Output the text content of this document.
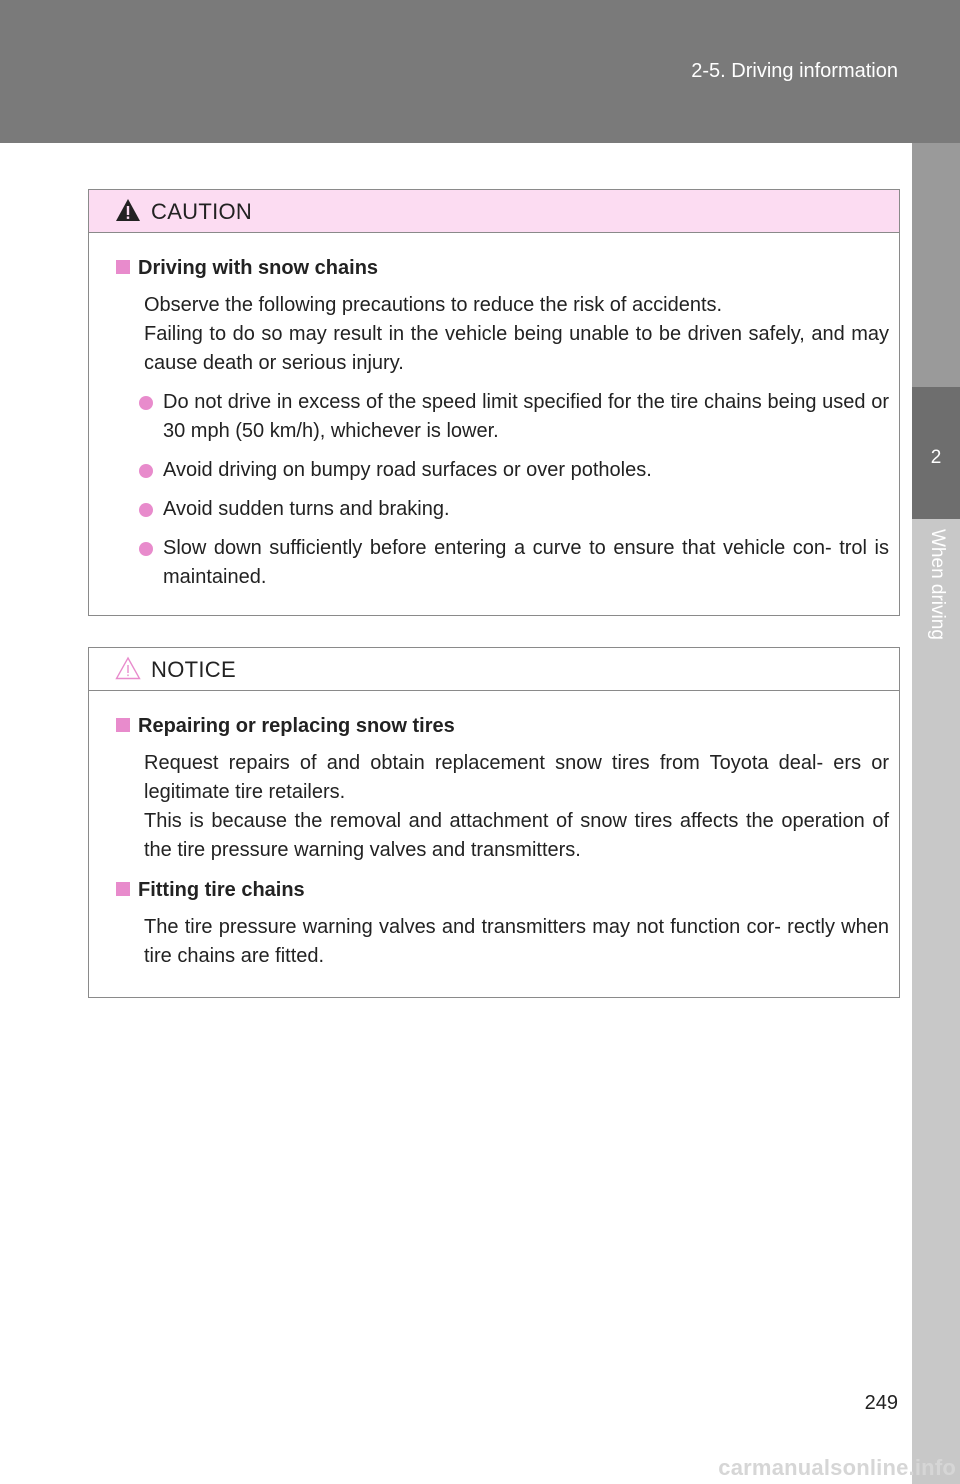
2-5. Driving information
2
When driving
CAUTION
Driving with snow chains
Observe the following precautions to reduce the risk of accidents.
Failing to do so may result in the vehicle being unable to be driven safely, and may cause death or serious injury.
Do not drive in excess of the speed limit specified for the tire chains being used or 30 mph (50 km/h), whichever is lower.
Avoid driving on bumpy road surfaces or over potholes.
Avoid sudden turns and braking.
Slow down sufficiently before entering a curve to ensure that vehicle con- trol is maintained.
NOTICE
Repairing or replacing snow tires
Request repairs of and obtain replacement snow tires from Toyota deal- ers or legitimate tire retailers.
This is because the removal and attachment of snow tires affects the operation of the tire pressure warning valves and transmitters.
Fitting tire chains
The tire pressure warning valves and transmitters may not function cor- rectly when tire chains are fitted.
249
carmanualsonline.info
